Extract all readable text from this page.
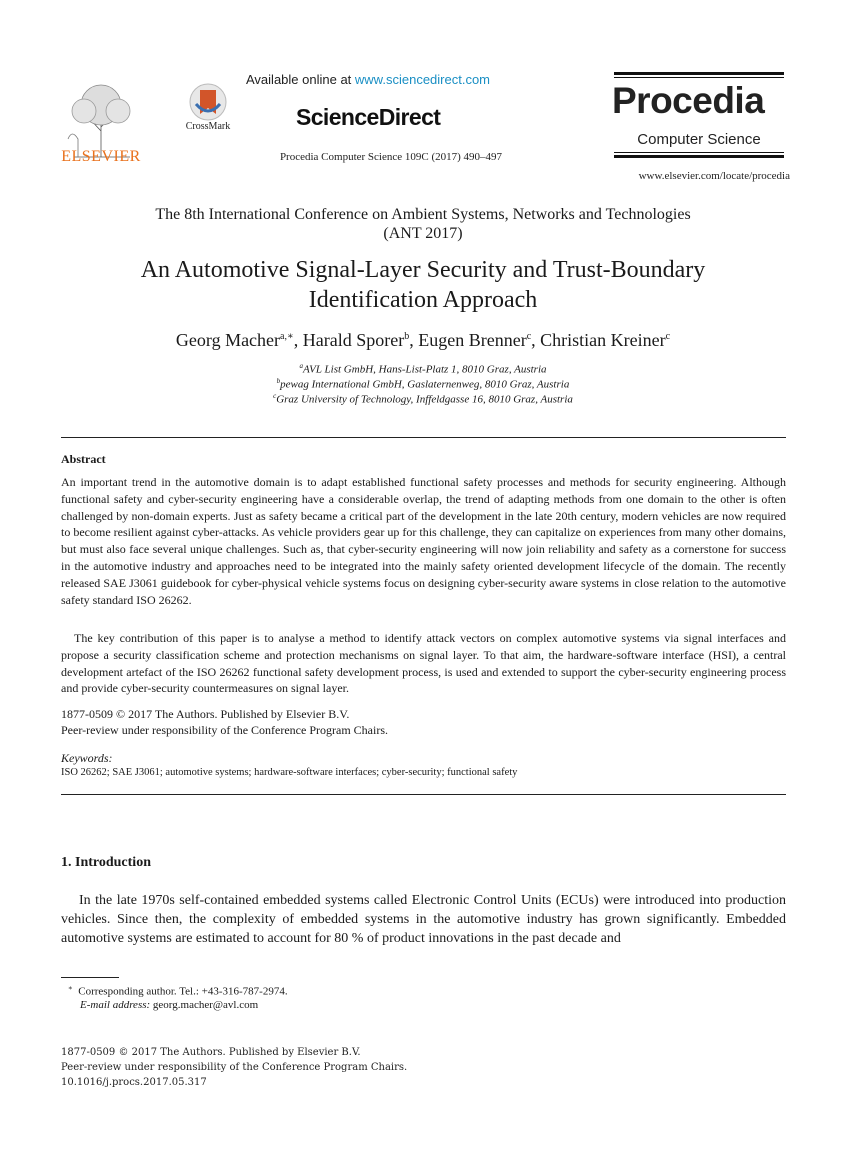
ELSEVIER
CrossMark
Available online at www.sciencedirect.com
ScienceDirect
Procedia Computer Science 109C (2017) 490–497
Procedia
Computer Science
www.elsevier.com/locate/procedia
The 8th International Conference on Ambient Systems, Networks and Technologies
(ANT 2017)
An Automotive Signal-Layer Security and Trust-Boundary
Identification Approach
Georg Macher$^{a,∗}$, Harald Sporer$^b$, Eugen Brenner$^c$, Christian Kreiner$^c$
$^a$AVL List GmbH, Hans-List-Platz 1, 8010 Graz, Austria
$^b$pewag International GmbH, Gaslaternenweg, 8010 Graz, Austria
$^c$Graz University of Technology, Inffeldgasse 16, 8010 Graz, Austria
Abstract

An important trend in the automotive domain is to adapt established functional safety processes and methods for security engineering. Although functional safety and cyber-security engineering have a considerable overlap, the trend of adapting methods from one domain to the other is often challenged by non-domain experts. Just as safety became a critical part of the development in the late 20th century, modern vehicles are now required to become resilient against cyber-attacks. As vehicle providers gear up for this challenge, they can capitalize on experiences from many other domains, but must also face several unique challenges. Such as, that cyber-security engineering will now join reliability and safety as a cornerstone for success in the automotive industry and approaches need to be integrated into the mainly safety oriented development lifecycle of the domain. The recently released SAE J3061 guidebook for cyber-physical vehicle systems focus on designing cyber-security aware systems in close relation to the automotive safety standard ISO 26262.

The key contribution of this paper is to analyse a method to identify attack vectors on complex automotive systems via signal interfaces and propose a security classification scheme and protection mechanisms on signal layer. To that aim, the hardware-software interface (HSI), a central development artefact of the ISO 26262 functional safety development process, is used and extended to support the cyber-security engineering process and provide cyber-security countermeasures on signal layer.

1877-0509 © 2017 The Authors. Published by Elsevier B.V.
Peer-review under responsibility of the Conference Program Chairs.
Keywords:
ISO 26262; SAE J3061; automotive systems; hardware-software interfaces; cyber-security; functional safety
1. Introduction

In the late 1970s self-contained embedded systems called Electronic Control Units (ECUs) were introduced into production vehicles. Since then, the complexity of embedded systems in the automotive industry has grown significantly. Embedded automotive systems are estimated to account for 80 % of product innovations in the past decade and

∗ Corresponding author. Tel.: +43-316-787-2974.
E-mail address: georg.macher@avl.com
1877-0509 © 2017 The Authors. Published by Elsevier B.V.
Peer-review under responsibility of the Conference Program Chairs.
10.1016/j.procs.2017.05.317
